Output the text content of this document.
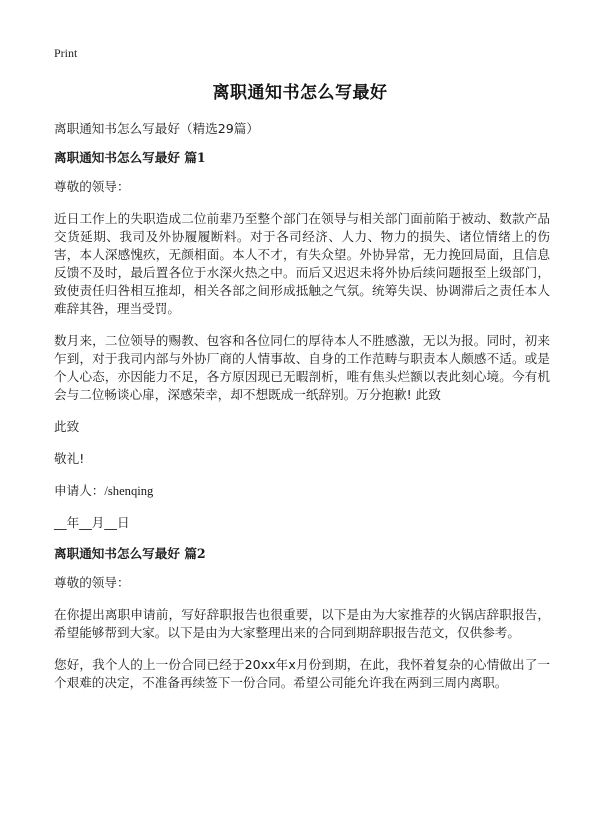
Print
离职通知书怎么写最好

离职通知书怎么写最好（精选29篇）

离职通知书怎么写最好 篇1

尊敬的领导：

近日工作上的失职造成二位前辈乃至整个部门在领导与相关部门面前陷于被动、数款产品交货延期、我司及外协履履断料。对于各司经济、人力、物力的损失、诸位情绪上的伤害，本人深感愧疚，无颜相面。本人不才，有失众望。外协异常，无力挽回局面，且信息反馈不及时，最后置各位于水深火热之中。而后又迟迟未将外协后续问题报至上级部门，致使责任归咎相互推却，相关各部之间形成抵触之气氛。统筹失误、协调滞后之责任本人难辞其咎，理当受罚。

数月来，二位领导的赐教、包容和各位同仁的厚待本人不胜感激，无以为报。同时，初来乍到，对于我司内部与外协厂商的人情事故、自身的工作范畴与职责本人颇感不适。或是个人心态，亦因能力不足，各方原因现已无暇剖析，唯有焦头烂额以表此刻心境。今有机会与二位畅谈心扉，深感荣幸，却不想既成一纸辞别。万分抱歉! 此致

此致

敬礼!

申请人：/shenqing

__年__月__日

离职通知书怎么写最好 篇2

尊敬的领导：

在你提出离职申请前，写好辞职报告也很重要，以下是由为大家推荐的火锅店辞职报告，希望能够帮到大家。以下是由为大家整理出来的合同到期辞职报告范文，仅供参考。

您好，我个人的上一份合同已经于20xx年x月份到期，在此，我怀着复杂的心情做出了一个艰难的决定，不准备再续签下一份合同。希望公司能允许我在两到三周内离职。
